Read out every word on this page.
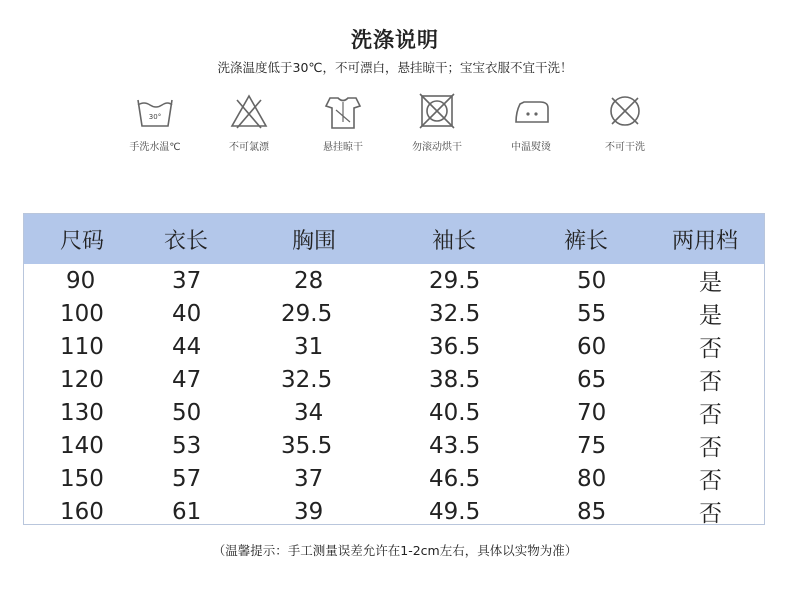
洗涤说明
洗涤温度低于30℃，不可漂白，悬挂晾干；宝宝衣服不宜干洗！
30°
手洗水温℃	不可氯漂	悬挂晾干	勿滚动烘干	中温熨烫	不可干洗
尺码	衣长	胸围	袖长	裤长	两用档
90	37	28	29.5	50	是
100	40	29.5	32.5	55	是
110	44	31	36.5	60	否
120	47	32.5	38.5	65	否
130	50	34	40.5	70	否
140	53	35.5	43.5	75	否
150	57	37	46.5	80	否
160	61	39	49.5	85	否
（温馨提示：手工测量误差允许在1-2cm左右，具体以实物为准）
